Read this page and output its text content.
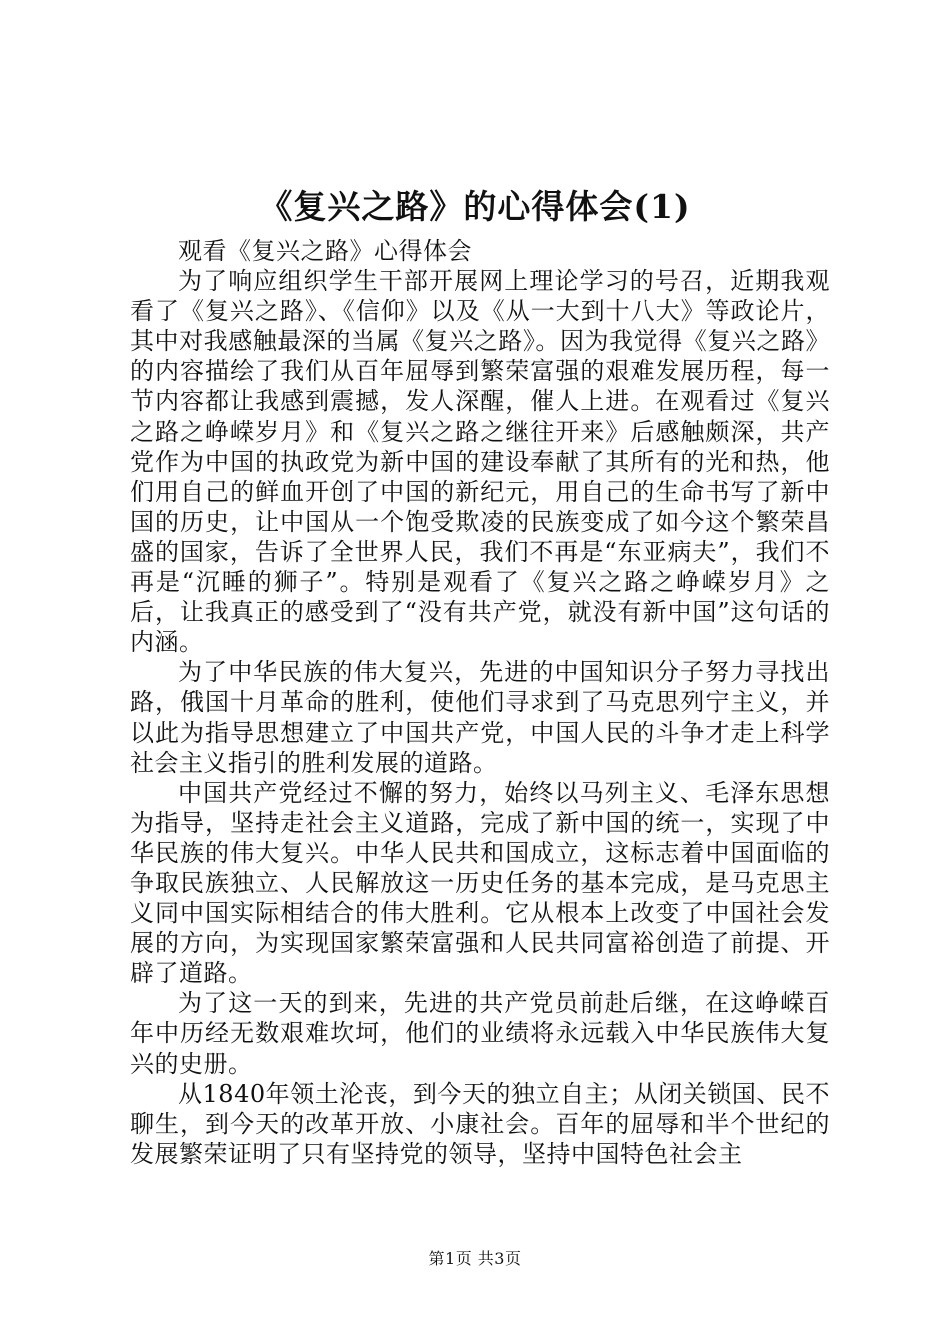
《复兴之路》的心得体会(1)

观看《复兴之路》心得体会

为了响应组织学生干部开展网上理论学习的号召，近期我观看了《复兴之路》、《信仰》以及《从一大到十八大》等政论片，其中对我感触最深的当属《复兴之路》。因为我觉得《复兴之路》的内容描绘了我们从百年屈辱到繁荣富强的艰难发展历程，每一节内容都让我感到震撼，发人深醒，催人上进。在观看过《复兴之路之峥嵘岁月》和《复兴之路之继往开来》后感触颇深，共产党作为中国的执政党为新中国的建设奉献了其所有的光和热，他们用自己的鲜血开创了中国的新纪元，用自己的生命书写了新中国的历史，让中国从一个饱受欺凌的民族变成了如今这个繁荣昌盛的国家，告诉了全世界人民，我们不再是“东亚病夫”，我们不再是“沉睡的狮子”。特别是观看了《复兴之路之峥嵘岁月》之后，让我真正的感受到了“没有共产党，就没有新中国”这句话的内涵。

为了中华民族的伟大复兴，先进的中国知识分子努力寻找出路，俄国十月革命的胜利，使他们寻求到了马克思列宁主义，并以此为指导思想建立了中国共产党，中国人民的斗争才走上科学社会主义指引的胜利发展的道路。

中国共产党经过不懈的努力，始终以马列主义、毛泽东思想为指导，坚持走社会主义道路，完成了新中国的统一，实现了中华民族的伟大复兴。中华人民共和国成立，这标志着中国面临的争取民族独立、人民解放这一历史任务的基本完成，是马克思主义同中国实际相结合的伟大胜利。它从根本上改变了中国社会发展的方向，为实现国家繁荣富强和人民共同富裕创造了前提、开辟了道路。

为了这一天的到来，先进的共产党员前赴后继，在这峥嵘百年中历经无数艰难坎坷，他们的业绩将永远载入中华民族伟大复兴的史册。

从1840年领土沦丧，到今天的独立自主；从闭关锁国、民不聊生，到今天的改革开放、小康社会。百年的屈辱和半个世纪的发展繁荣证明了只有坚持党的领导，坚持中国特色社会主

第1页 共3页
